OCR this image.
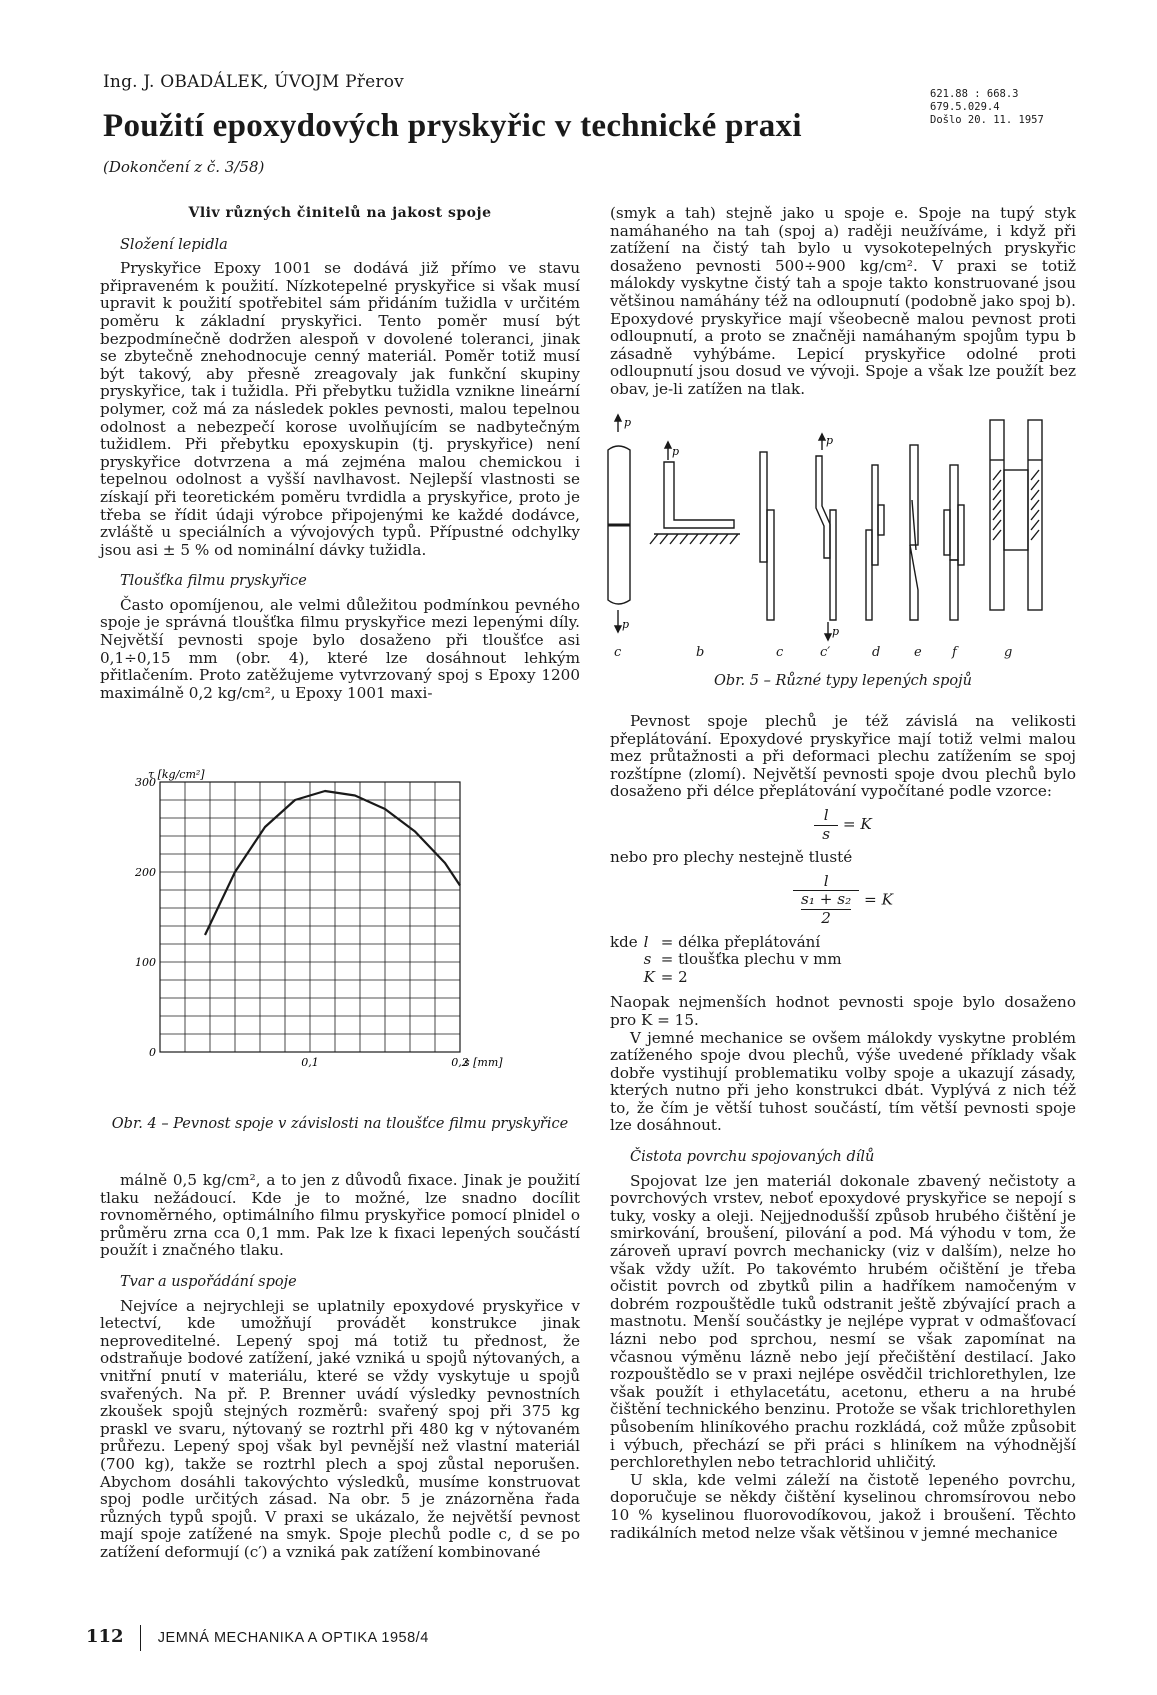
Ing. J. OBADÁLEK, ÚVOJM Přerov
Použití epoxydových pryskyřic v technické praxi
(Dokončení z č. 3/58)
621.88 : 668.3
679.5.029.4
Došlo 20. 11. 1957
Vliv různých činitelů na jakost spoje
Složení lepidla

Pryskyřice Epoxy 1001 se dodává již přímo ve stavu připraveném k použití. Nízkotepelné pryskyřice si však musí upravit k použití spotřebitel sám přidáním tužidla v určitém poměru k základní pryskyřici. Tento poměr musí být bezpodmínečně dodržen alespoň v dovolené toleranci, jinak se zbytečně znehodnocuje cenný materiál. Poměr totiž musí být takový, aby přesně zreagovaly jak funkční skupiny pryskyřice, tak i tužidla. Při přebytku tužidla vznikne lineární polymer, což má za následek pokles pevnosti, malou tepelnou odolnost a nebezpečí korose uvolňujícím se nadbytečným tužidlem. Při přebytku epoxyskupin (tj. pryskyřice) není pryskyřice dotvrzena a má zejména malou chemickou i tepelnou odolnost a vyšší navlhavost. Nejlepší vlastnosti se získají při teoretickém poměru tvrdidla a pryskyřice, proto je třeba se řídit údaji výrobce připojenými ke každé dodávce, zvláště u speciálních a vývojových typů. Přípustné odchylky jsou asi ± 5 % od nominální dávky tužidla.

Tloušťka filmu pryskyřice

Často opomíjenou, ale velmi důležitou podmínkou pevného spoje je správná tloušťka filmu pryskyřice mezi lepenými díly. Největší pevnosti spoje bylo dosaženo při tloušťce asi 0,1÷0,15 mm (obr. 4), které lze dosáhnout lehkým přitlačením. Proto zatěžujeme vytvrzovaný spoj s Epoxy 1200 maximálně 0,2 kg/cm², u Epoxy 1001 maxi-

0
100
200
300
0,1	0,2
τ [kg/cm²]
s [mm]
Obr. 4 – Pevnost spoje v závislosti na tloušťce filmu pryskyřice

málně 0,5 kg/cm², a to jen z důvodů fixace. Jinak je použití tlaku nežádoucí. Kde je to možné, lze snadno docílit rovnoměrného, optimálního filmu pryskyřice pomocí plnidel o průměru zrna cca 0,1 mm. Pak lze k fixaci lepených součástí použít i značného tlaku.

Tvar a uspořádání spoje

Nejvíce a nejrychleji se uplatnily epoxydové pryskyřice v letectví, kde umožňují provádět konstrukce jinak neproveditelné. Lepený spoj má totiž tu přednost, že odstraňuje bodové zatížení, jaké vzniká u spojů nýtovaných, a vnitřní pnutí v materiálu, které se vždy vyskytuje u spojů svařených. Na př. P. Brenner uvádí výsledky pevnostních zkoušek spojů stejných rozměrů: svařený spoj při 375 kg praskl ve svaru, nýtovaný se roztrhl při 480 kg v nýtovaném průřezu. Lepený spoj však byl pevnější než vlastní materiál (700 kg), takže se roztrhl plech a spoj zůstal neporušen. Abychom dosáhli takovýchto výsledků, musíme konstruovat spoj podle určitých zásad. Na obr. 5 je znázorněna řada různých typů spojů. V praxi se ukázalo, že největší pevnost mají spoje zatížené na smyk. Spoje plechů podle c, d se po zatížení deformují (c′) a vzniká pak zatížení kombinované

(smyk a tah) stejně jako u spoje e. Spoje na tupý styk namáhaného na tah (spoj a) raději neužíváme, i když při zatížení na čistý tah bylo u vysokotepelných pryskyřic dosaženo pevnosti 500÷900 kg/cm². V praxi se totiž málokdy vyskytne čistý tah a spoje takto konstruované jsou většinou namáhány též na odloupnutí (podobně jako spoj b). Epoxydové pryskyřice mají všeobecně malou pevnost proti odloupnutí, a proto se značněji namáhaným spojům typu b zásadně vyhýbáme. Lepicí pryskyřice odolné proti odloupnutí jsou dosud ve vývoji. Spoje a však lze použít bez obav, je-li zatížen na tlak.

p
p
p
p
p
c	b	c	c′	d	e f	g
Obr. 5 – Různé typy lepených spojů

Pevnost spoje plechů je též závislá na velikosti přeplátování. Epoxydové pryskyřice mají totiž velmi malou mez průtažnosti a při deformaci plechu zatížením se spoj rozštípne (zlomí). Největší pevnosti spoje dvou plechů bylo dosaženo při délce přeplátování vypočítané podle vzorce:

$\frac{l}{s} = K$

nebo pro plechy nestejně tlusté

l
s₁ + s₂
2 = K
kde	l	= délka přeplátování
	s	= tloušťka plechu v mm
	K	= 2

Naopak nejmenších hodnot pevnosti spoje bylo dosaženo pro K = 15.

V jemné mechanice se ovšem málokdy vyskytne problém zatíženého spoje dvou plechů, výše uvedené příklady však dobře vystihují problematiku volby spoje a ukazují zásady, kterých nutno při jeho konstrukci dbát. Vyplývá z nich též to, že čím je větší tuhost součástí, tím větší pevnosti spoje lze dosáhnout.

Čistota povrchu spojovaných dílů

Spojovat lze jen materiál dokonale zbavený nečistoty a povrchových vrstev, neboť epoxydové pryskyřice se nepojí s tuky, vosky a oleji. Nejjednodušší způsob hrubého čištění je smirkování, broušení, pilování a pod. Má výhodu v tom, že zároveň upraví povrch mechanicky (viz v dalším), nelze ho však vždy užít. Po takovémto hrubém očištění je třeba očistit povrch od zbytků pilin a hadříkem namočeným v dobrém rozpouštědle tuků odstranit ještě zbývající prach a mastnotu. Menší součástky je nejlépe vyprat v odmašťovací lázni nebo pod sprchou, nesmí se však zapomínat na včasnou výměnu lázně nebo její přečištění destilací. Jako rozpouštědlo se v praxi nejlépe osvědčil trichlorethylen, lze však použít i ethylacetátu, acetonu, etheru a na hrubé čištění technického benzinu. Protože se však trichlorethylen působením hliníkového prachu rozkládá, což může způsobit i výbuch, přechází se při práci s hliníkem na výhodnější perchlorethylen nebo tetrachlorid uhličitý.

U skla, kde velmi záleží na čistotě lepeného povrchu, doporučuje se někdy čištění kyselinou chromsírovou nebo 10 % kyselinou fluorovodíkovou, jakož i broušení. Těchto radikálních metod nelze však většinou v jemné mechanice

112 JEMNÁ MECHANIKA A OPTIKA 1958/4
